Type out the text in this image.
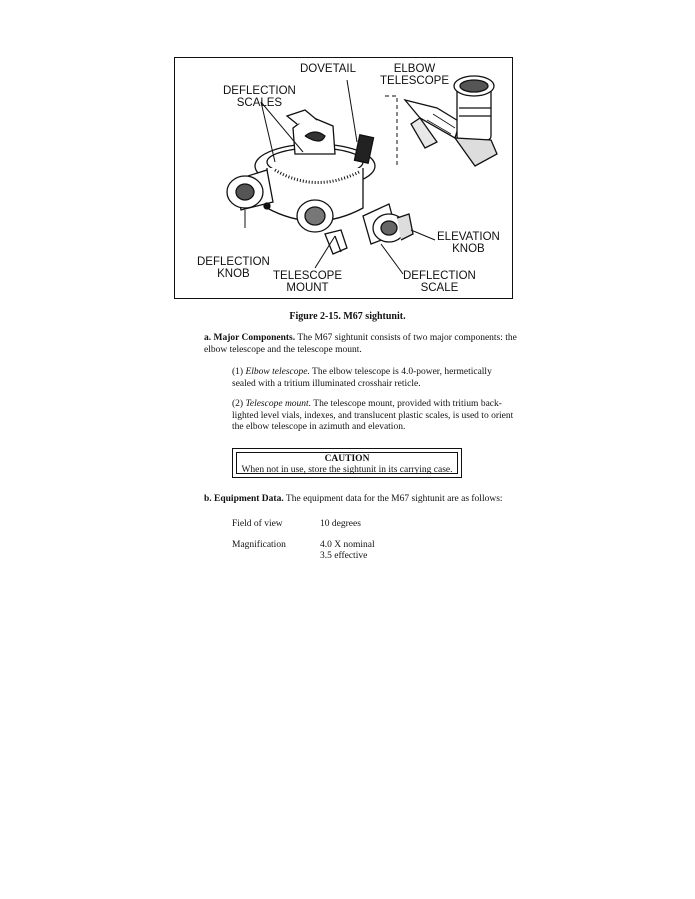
DOVETAIL	ELBOW
TELESCOPE
DEFLECTION
SCALES
ELEVATION
KNOB
DEFLECTION
KNOB	TELESCOPE
MOUNT
DEFLECTION
SCALE
Figure 2-15. M67 sightunit.
a. Major Components. The M67 sightunit consists of two major components: the elbow telescope and the telescope mount.
(1) Elbow telescope. The elbow telescope is 4.0-power, hermetically sealed with a tritium illuminated crosshair reticle.
(2) Telescope mount. The telescope mount, provided with tritium back-lighted level vials, indexes, and translucent plastic scales, is used to orient the elbow telescope in azimuth and elevation.
CAUTION
When not in use, store the sightunit in its carrying case.
b. Equipment Data. The equipment data for the M67 sightunit are as follows:
Field of view	10 degrees
Magnification	4.0 X nominal
3.5 effective
